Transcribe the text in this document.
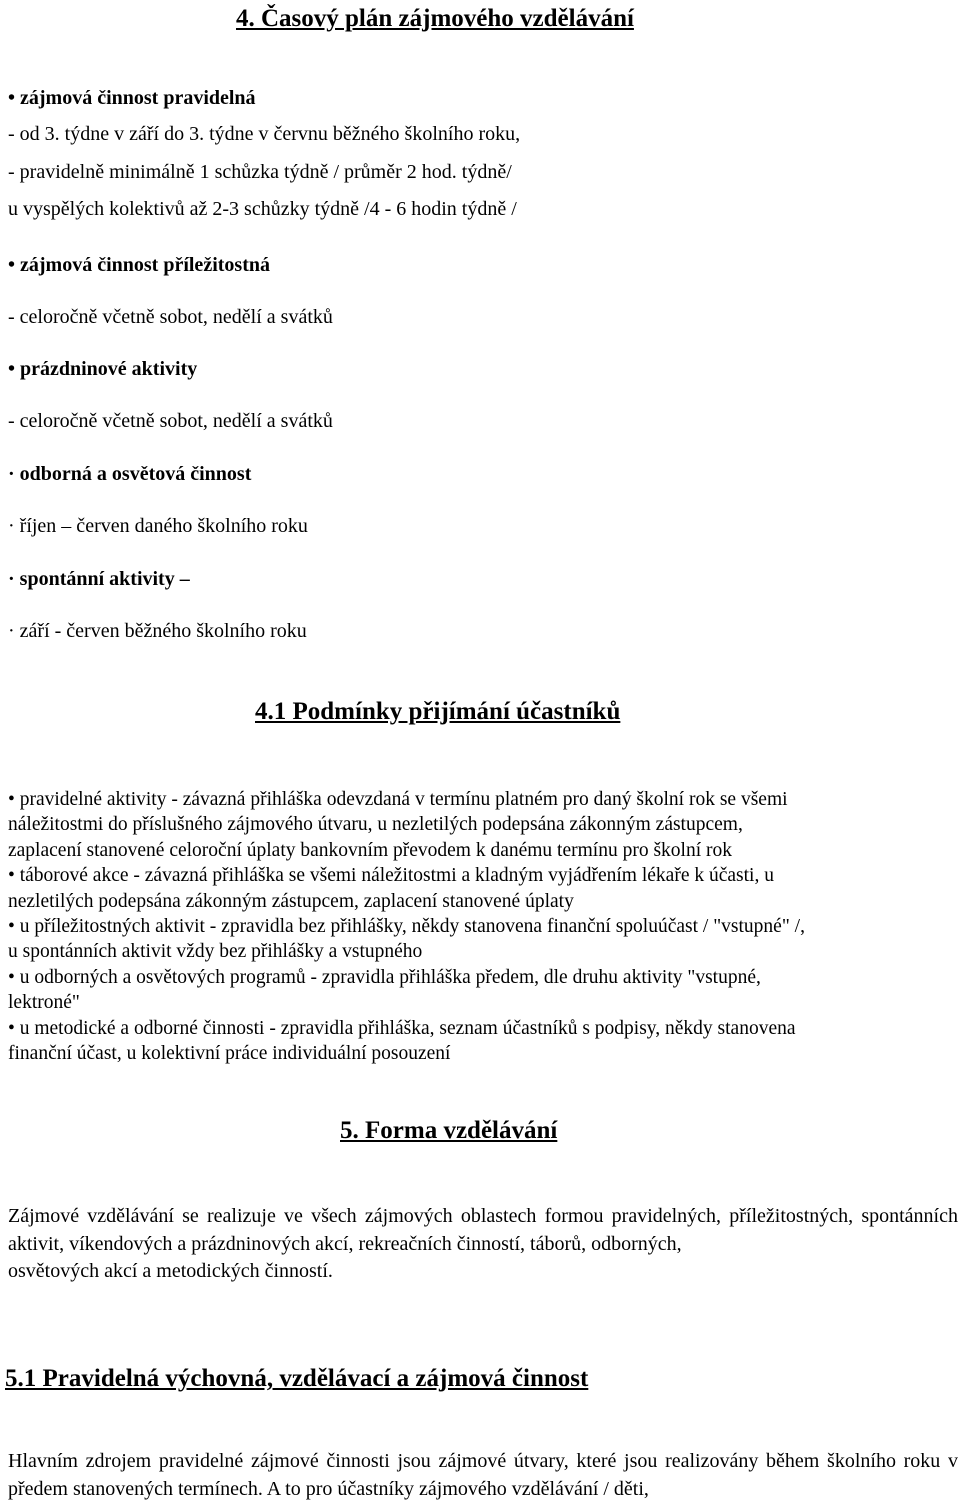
4. Časový plán zájmového vzdělávání
• zájmová činnost pravidelná
- od 3. týdne v září do 3. týdne v červnu běžného školního roku,
- pravidelně minimálně 1 schůzka týdně / průměr 2 hod. týdně/
u vyspělých kolektivů až 2-3 schůzky týdně /4 - 6 hodin týdně /
• zájmová činnost příležitostná
- celoročně včetně sobot, nedělí a svátků
• prázdninové aktivity
- celoročně včetně sobot, nedělí a svátků
· odborná a osvětová činnost
· říjen – červen daného školního roku
· spontánní aktivity –
· září - červen běžného školního roku
4.1 Podmínky přijímání účastníků
• pravidelné aktivity - závazná přihláška odevzdaná v termínu platném pro daný školní rok se všemi
náležitostmi do příslušného zájmového útvaru, u nezletilých podepsána zákonným zástupcem,
zaplacení stanovené celoroční úplaty bankovním převodem k danému termínu pro školní rok
• táborové akce - závazná přihláška se všemi náležitostmi a kladným vyjádřením lékaře k účasti, u
nezletilých podepsána zákonným zástupcem, zaplacení stanovené úplaty
• u příležitostných aktivit - zpravidla bez přihlášky, někdy stanovena finanční spoluúčast / "vstupné" /,
u spontánních aktivit vždy bez přihlášky a vstupného
• u odborných a osvětových programů - zpravidla přihláška předem, dle druhu aktivity "vstupné,
lektroné"
• u metodické a odborné činnosti - zpravidla přihláška, seznam účastníků s podpisy, někdy stanovena
finanční účast, u kolektivní práce individuální posouzení
5. Forma vzdělávání
Zájmové vzdělávání se realizuje ve všech zájmových oblastech formou pravidelných, příležitostných, spontánních aktivit, víkendových a prázdninových akcí, rekreačních činností, táborů, odborných,
osvětových akcí a metodických činností.
5.1 Pravidelná výchovná, vzdělávací a zájmová činnost
Hlavním zdrojem pravidelné zájmové činnosti jsou zájmové útvary, které jsou realizovány během školního roku v předem stanovených termínech. A to pro účastníky zájmového vzdělávání / děti,
